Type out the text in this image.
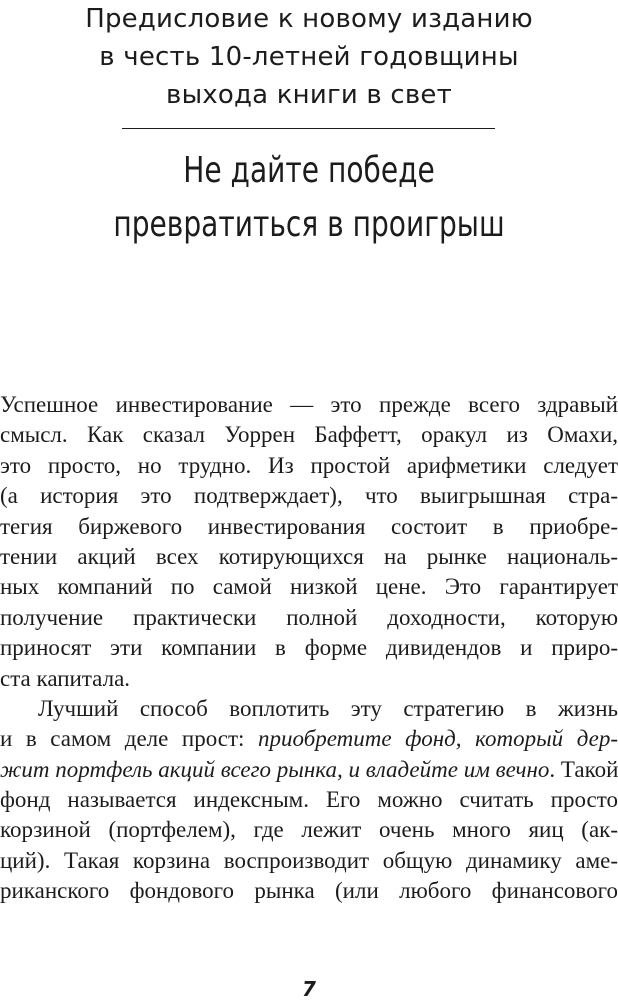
Предисловие к новому изданию
в честь 10-летней годовщины
выхода книги в свет
Не дайте победе
превратиться в проигрыш
Успешное инвестирование — это прежде всего здравый
смысл. Как сказал Уоррен Баффетт, оракул из Омахи,
это просто, но трудно. Из простой арифметики следует
(а история это подтверждает), что выигрышная стра-
тегия биржевого инвестирования состоит в приобре-
тении акций всех котирующихся на рынке националь-
ных компаний по самой низкой цене. Это гарантирует
получение практически полной доходности, которую
приносят эти компании в форме дивидендов и приро-
ста капитала.
Лучший способ воплотить эту стратегию в жизнь
и в самом деле прост: приобретите фонд, который дер-
жит портфель акций всего рынка, и владейте им вечно. Такой
фонд называется индексным. Его можно считать просто
корзиной (портфелем), где лежит очень много яиц (ак-
ций). Такая корзина воспроизводит общую динамику аме-
риканского фондового рынка (или любого финансового
7
